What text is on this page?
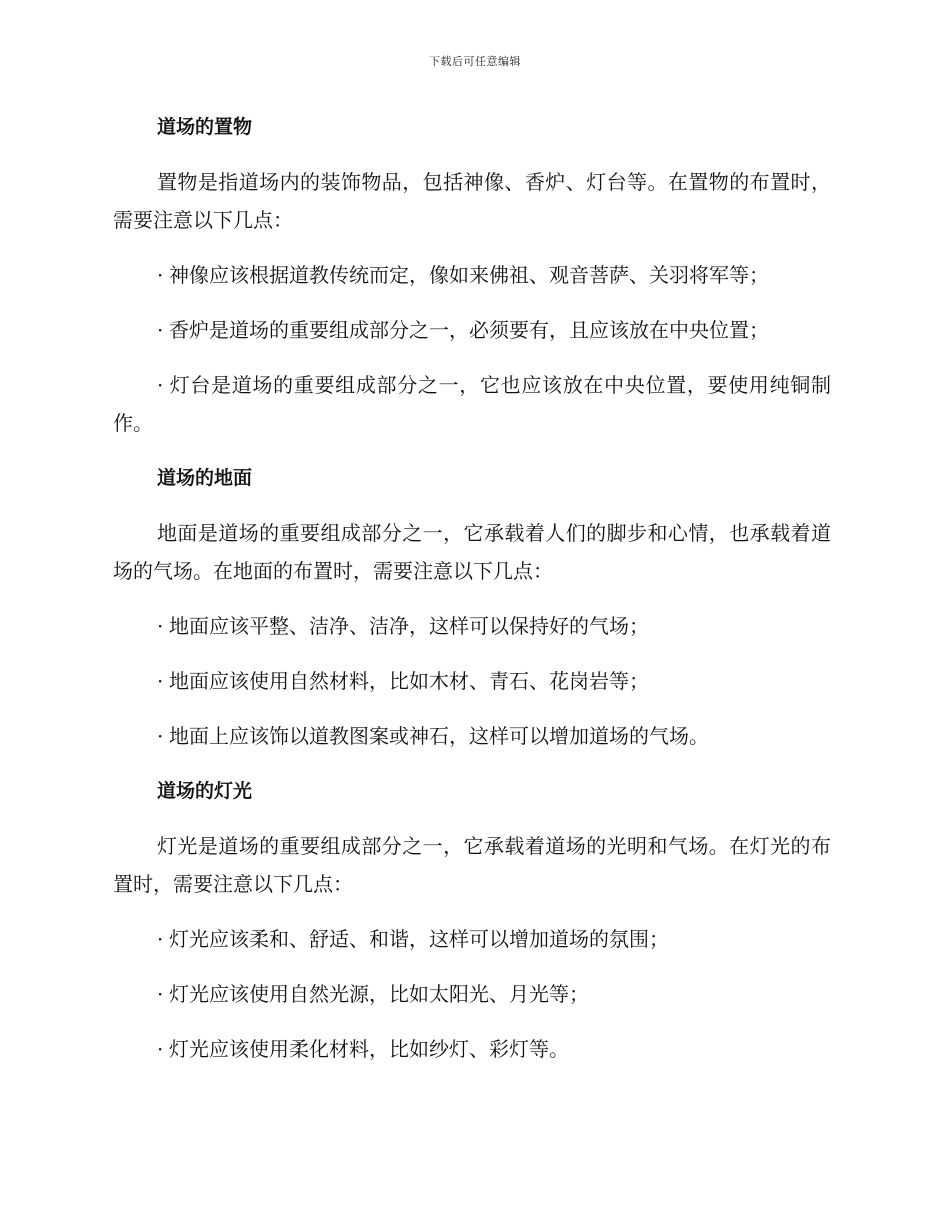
下载后可任意编辑
道场的置物
置物是指道场内的装饰物品，包括神像、香炉、灯台等。在置物的布置时，需要注意以下几点：
· 神像应该根据道教传统而定，像如来佛祖、观音菩萨、关羽将军等；
· 香炉是道场的重要组成部分之一，必须要有，且应该放在中央位置；
· 灯台是道场的重要组成部分之一，它也应该放在中央位置，要使用纯铜制作。
道场的地面
地面是道场的重要组成部分之一，它承载着人们的脚步和心情，也承载着道场的气场。在地面的布置时，需要注意以下几点：
· 地面应该平整、洁净、洁净，这样可以保持好的气场；
· 地面应该使用自然材料，比如木材、青石、花岗岩等；
· 地面上应该饰以道教图案或神石，这样可以增加道场的气场。
道场的灯光
灯光是道场的重要组成部分之一，它承载着道场的光明和气场。在灯光的布置时，需要注意以下几点：
· 灯光应该柔和、舒适、和谐，这样可以增加道场的氛围；
· 灯光应该使用自然光源，比如太阳光、月光等；
· 灯光应该使用柔化材料，比如纱灯、彩灯等。
